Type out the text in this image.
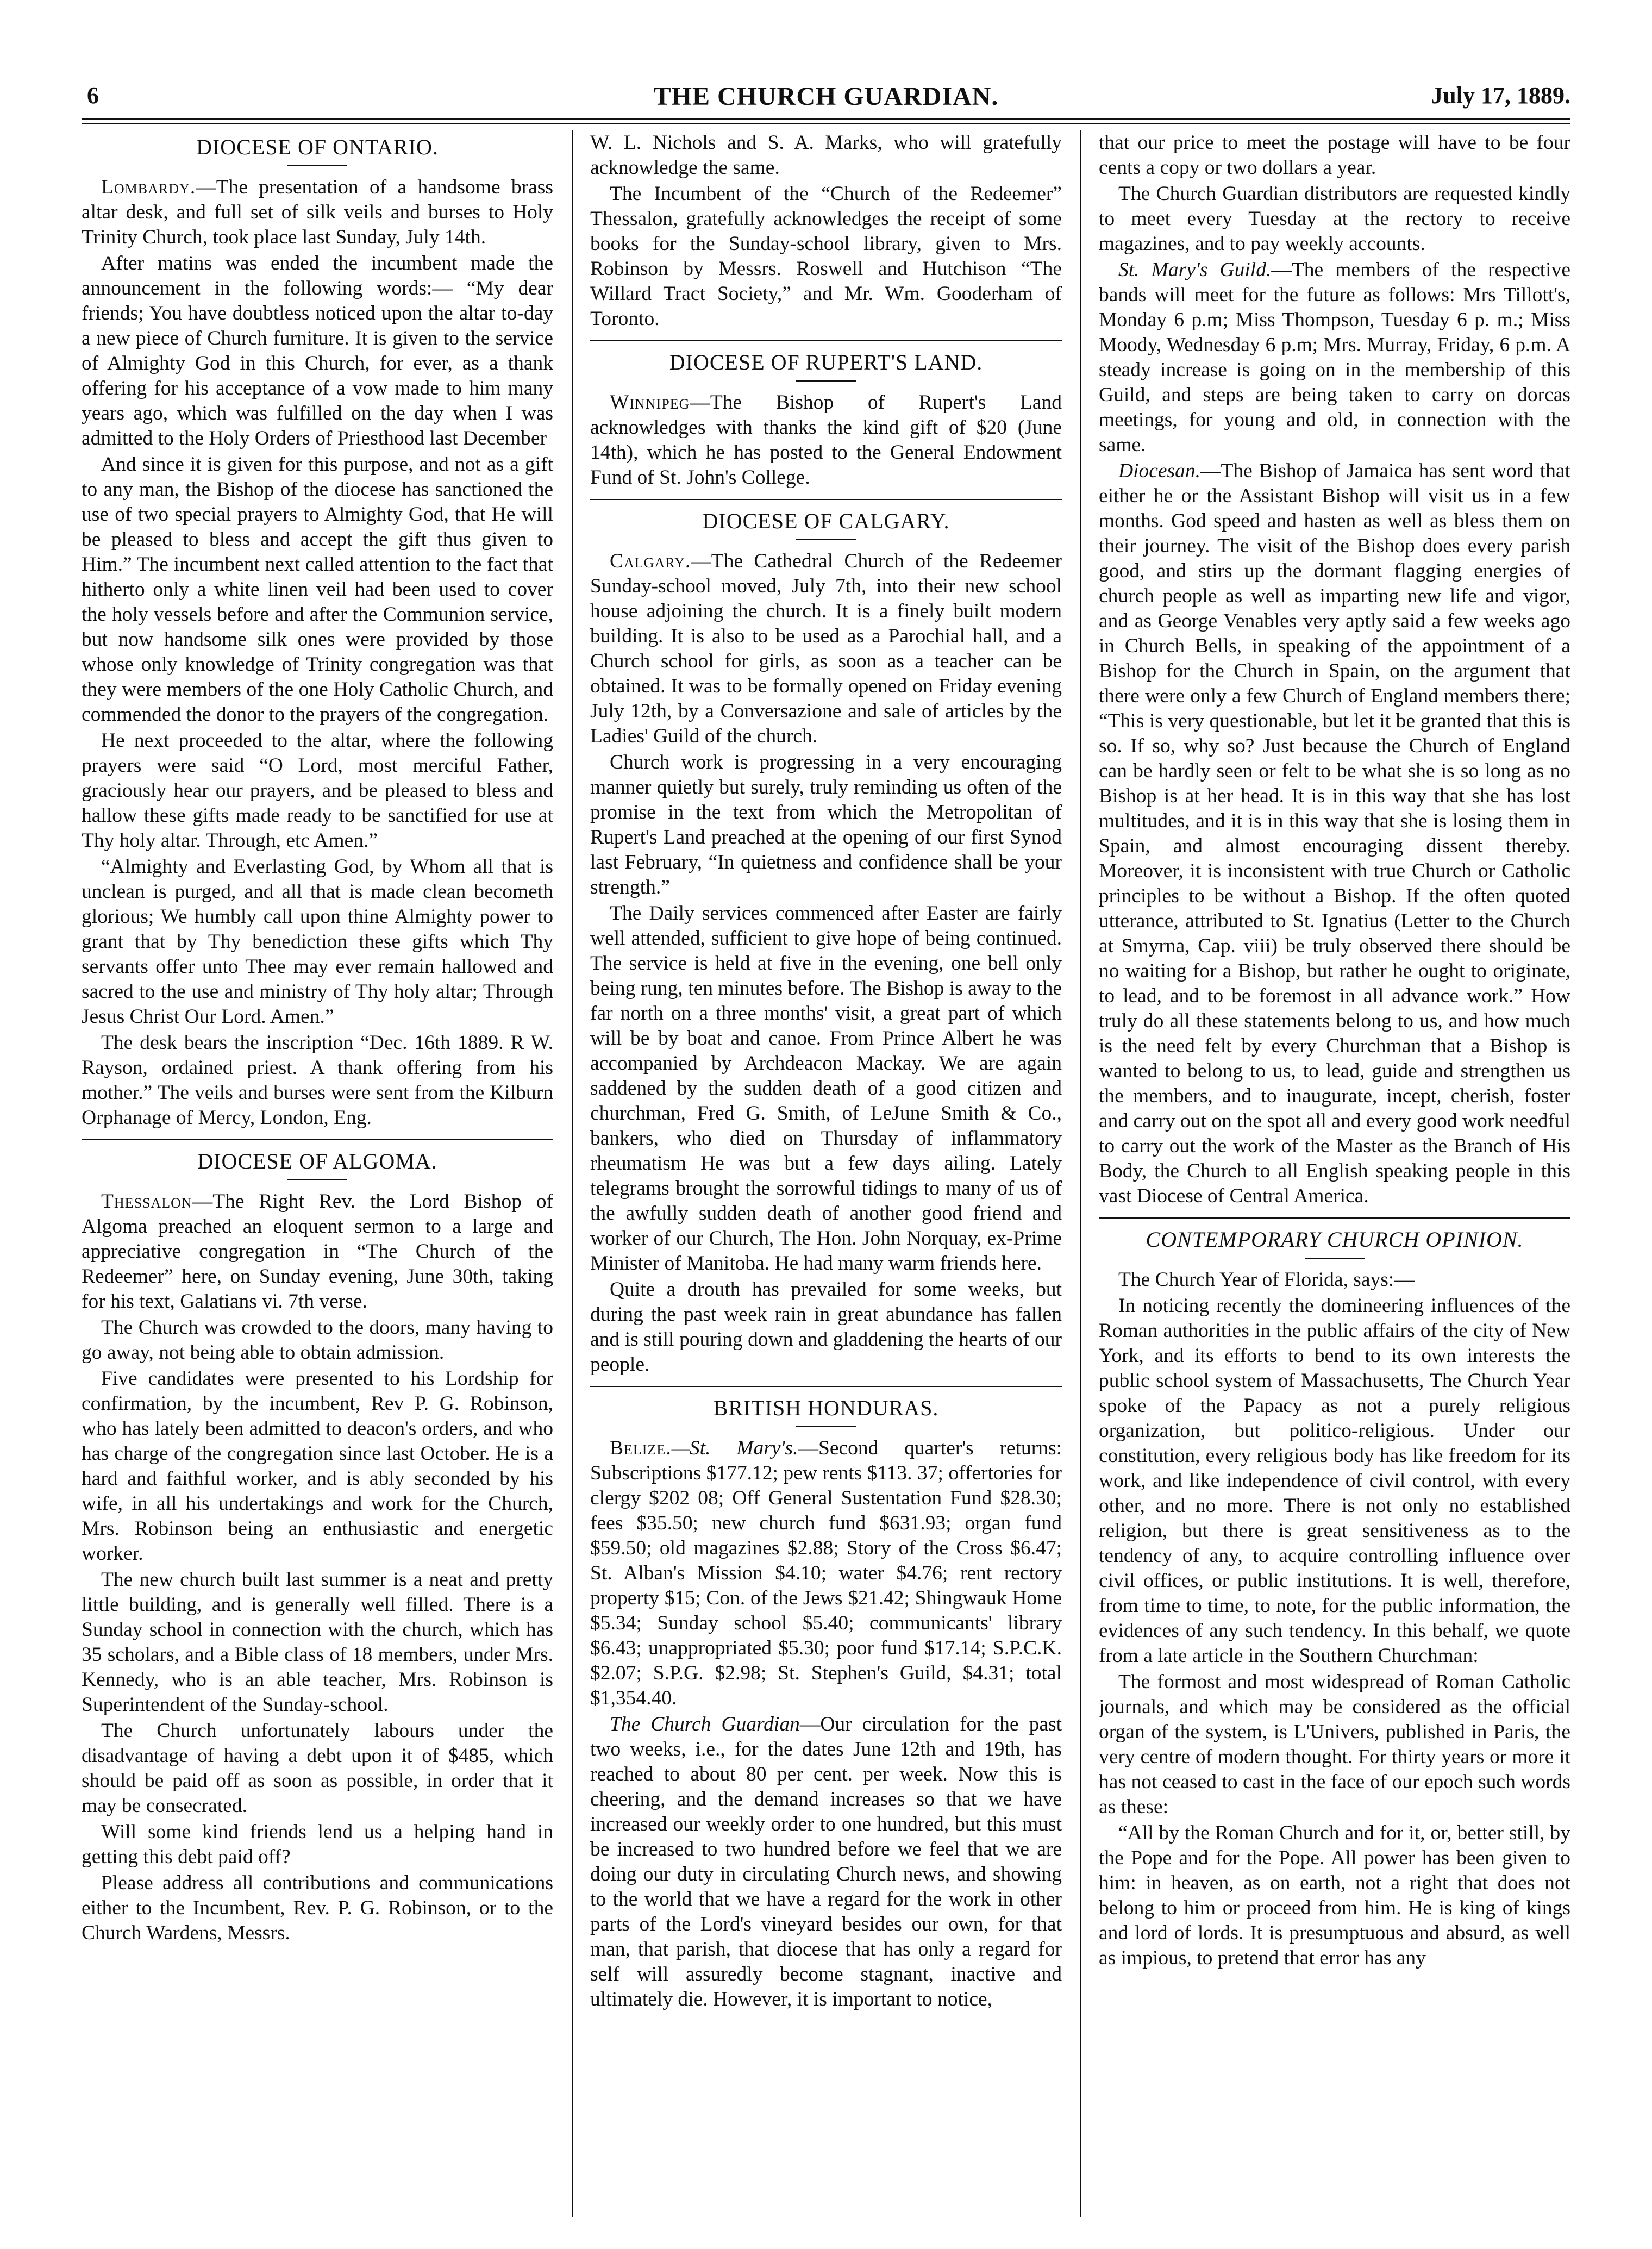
6	THE CHURCH GUARDIAN.	July 17, 1889.
DIOCESE OF ONTARIO.

Lombardy.—The presentation of a handsome brass altar desk, and full set of silk veils and burses to Holy Trinity Church, took place last Sunday, July 14th.

After matins was ended the incumbent made the announcement in the following words:— “My dear friends; You have doubtless noticed upon the altar to-day a new piece of Church furniture. It is given to the service of Almighty God in this Church, for ever, as a thank offering for his acceptance of a vow made to him many years ago, which was fulfilled on the day when I was admitted to the Holy Orders of Priesthood last December

And since it is given for this purpose, and not as a gift to any man, the Bishop of the diocese has sanctioned the use of two special prayers to Almighty God, that He will be pleased to bless and accept the gift thus given to Him.” The incumbent next called attention to the fact that hitherto only a white linen veil had been used to cover the holy vessels before and after the Communion service, but now handsome silk ones were provided by those whose only knowledge of Trinity congregation was that they were members of the one Holy Catholic Church, and commended the donor to the prayers of the congregation.

He next proceeded to the altar, where the following prayers were said “O Lord, most merciful Father, graciously hear our prayers, and be pleased to bless and hallow these gifts made ready to be sanctified for use at Thy holy altar. Through, etc Amen.”

“Almighty and Everlasting God, by Whom all that is unclean is purged, and all that is made clean becometh glorious; We humbly call upon thine Almighty power to grant that by Thy benediction these gifts which Thy servants offer unto Thee may ever remain hallowed and sacred to the use and ministry of Thy holy altar; Through Jesus Christ Our Lord. Amen.”

The desk bears the inscription “Dec. 16th 1889. R W. Rayson, ordained priest. A thank offering from his mother.” The veils and burses were sent from the Kilburn Orphanage of Mercy, London, Eng.

DIOCESE OF ALGOMA.

Thessalon—The Right Rev. the Lord Bishop of Algoma preached an eloquent sermon to a large and appreciative congregation in “The Church of the Redeemer” here, on Sunday evening, June 30th, taking for his text, Galatians vi. 7th verse.

The Church was crowded to the doors, many having to go away, not being able to obtain admission.

Five candidates were presented to his Lordship for confirmation, by the incumbent, Rev P. G. Robinson, who has lately been admitted to deacon's orders, and who has charge of the congregation since last October. He is a hard and faithful worker, and is ably seconded by his wife, in all his undertakings and work for the Church, Mrs. Robinson being an enthusiastic and energetic worker.

The new church built last summer is a neat and pretty little building, and is generally well filled. There is a Sunday school in connection with the church, which has 35 scholars, and a Bible class of 18 members, under Mrs. Kennedy, who is an able teacher, Mrs. Robinson is Superintendent of the Sunday-school.

The Church unfortunately labours under the disadvantage of having a debt upon it of $485, which should be paid off as soon as possible, in order that it may be consecrated.

Will some kind friends lend us a helping hand in getting this debt paid off?

Please address all contributions and communications either to the Incumbent, Rev. P. G. Robinson, or to the Church Wardens, Messrs.

W. L. Nichols and S. A. Marks, who will gratefully acknowledge the same.

The Incumbent of the “Church of the Redeemer” Thessalon, gratefully acknowledges the receipt of some books for the Sunday-school library, given to Mrs. Robinson by Messrs. Roswell and Hutchison “The Willard Tract Society,” and Mr. Wm. Gooderham of Toronto.

DIOCESE OF RUPERT'S LAND.

Winnipeg—The Bishop of Rupert's Land acknowledges with thanks the kind gift of $20 (June 14th), which he has posted to the General Endowment Fund of St. John's College.

DIOCESE OF CALGARY.

Calgary.—The Cathedral Church of the Redeemer Sunday-school moved, July 7th, into their new school house adjoining the church. It is a finely built modern building. It is also to be used as a Parochial hall, and a Church school for girls, as soon as a teacher can be obtained. It was to be formally opened on Friday evening July 12th, by a Conversazione and sale of articles by the Ladies' Guild of the church.

Church work is progressing in a very encouraging manner quietly but surely, truly reminding us often of the promise in the text from which the Metropolitan of Rupert's Land preached at the opening of our first Synod last February, “In quietness and confidence shall be your strength.”

The Daily services commenced after Easter are fairly well attended, sufficient to give hope of being continued. The service is held at five in the evening, one bell only being rung, ten minutes before. The Bishop is away to the far north on a three months' visit, a great part of which will be by boat and canoe. From Prince Albert he was accompanied by Archdeacon Mackay. We are again saddened by the sudden death of a good citizen and churchman, Fred G. Smith, of LeJune Smith & Co., bankers, who died on Thursday of inflammatory rheumatism He was but a few days ailing. Lately telegrams brought the sorrowful tidings to many of us of the awfully sudden death of another good friend and worker of our Church, The Hon. John Norquay, ex-Prime Minister of Manitoba. He had many warm friends here.

Quite a drouth has prevailed for some weeks, but during the past week rain in great abundance has fallen and is still pouring down and gladdening the hearts of our people.

BRITISH HONDURAS.

Belize.—St. Mary's.—Second quarter's returns: Subscriptions $177.12; pew rents $113. 37; offertories for clergy $202 08; Off General Sustentation Fund $28.30; fees $35.50; new church fund $631.93; organ fund $59.50; old magazines $2.88; Story of the Cross $6.47; St. Alban's Mission $4.10; water $4.76; rent rectory property $15; Con. of the Jews $21.42; Shingwauk Home $5.34; Sunday school $5.40; communicants' library $6.43; unappropriated $5.30; poor fund $17.14; S.P.C.K. $2.07; S.P.G. $2.98; St. Stephen's Guild, $4.31; total $1,354.40.

The Church Guardian—Our circulation for the past two weeks, i.e., for the dates June 12th and 19th, has reached to about 80 per cent. per week. Now this is cheering, and the demand increases so that we have increased our weekly order to one hundred, but this must be increased to two hundred before we feel that we are doing our duty in circulating Church news, and showing to the world that we have a regard for the work in other parts of the Lord's vineyard besides our own, for that man, that parish, that diocese that has only a regard for self will assuredly become stagnant, inactive and ultimately die. However, it is important to notice,

that our price to meet the postage will have to be four cents a copy or two dollars a year.

The Church Guardian distributors are requested kindly to meet every Tuesday at the rectory to receive magazines, and to pay weekly accounts.

St. Mary's Guild.—The members of the respective bands will meet for the future as follows: Mrs Tillott's, Monday 6 p.m; Miss Thompson, Tuesday 6 p. m.; Miss Moody, Wednesday 6 p.m; Mrs. Murray, Friday, 6 p.m. A steady increase is going on in the membership of this Guild, and steps are being taken to carry on dorcas meetings, for young and old, in connection with the same.

Diocesan.—The Bishop of Jamaica has sent word that either he or the Assistant Bishop will visit us in a few months. God speed and hasten as well as bless them on their journey. The visit of the Bishop does every parish good, and stirs up the dormant flagging energies of church people as well as imparting new life and vigor, and as George Venables very aptly said a few weeks ago in Church Bells, in speaking of the appointment of a Bishop for the Church in Spain, on the argument that there were only a few Church of England members there; “This is very questionable, but let it be granted that this is so. If so, why so? Just because the Church of England can be hardly seen or felt to be what she is so long as no Bishop is at her head. It is in this way that she has lost multitudes, and it is in this way that she is losing them in Spain, and almost encouraging dissent thereby. Moreover, it is inconsistent with true Church or Catholic principles to be without a Bishop. If the often quoted utterance, attributed to St. Ignatius (Letter to the Church at Smyrna, Cap. viii) be truly observed there should be no waiting for a Bishop, but rather he ought to originate, to lead, and to be foremost in all advance work.” How truly do all these statements belong to us, and how much is the need felt by every Churchman that a Bishop is wanted to belong to us, to lead, guide and strengthen us the members, and to inaugurate, incept, cherish, foster and carry out on the spot all and every good work needful to carry out the work of the Master as the Branch of His Body, the Church to all English speaking people in this vast Diocese of Central America.

CONTEMPORARY CHURCH OPINION.

The Church Year of Florida, says:—

In noticing recently the domineering influences of the Roman authorities in the public affairs of the city of New York, and its efforts to bend to its own interests the public school system of Massachusetts, The Church Year spoke of the Papacy as not a purely religious organization, but politico-religious. Under our constitution, every religious body has like freedom for its work, and like independence of civil control, with every other, and no more. There is not only no established religion, but there is great sensitiveness as to the tendency of any, to acquire controlling influence over civil offices, or public institutions. It is well, therefore, from time to time, to note, for the public information, the evidences of any such tendency. In this behalf, we quote from a late article in the Southern Churchman:

The formost and most widespread of Roman Catholic journals, and which may be considered as the official organ of the system, is L'Univers, published in Paris, the very centre of modern thought. For thirty years or more it has not ceased to cast in the face of our epoch such words as these:

“All by the Roman Church and for it, or, better still, by the Pope and for the Pope. All power has been given to him: in heaven, as on earth, not a right that does not belong to him or proceed from him. He is king of kings and lord of lords. It is presumptuous and absurd, as well as impious, to pretend that error has any
